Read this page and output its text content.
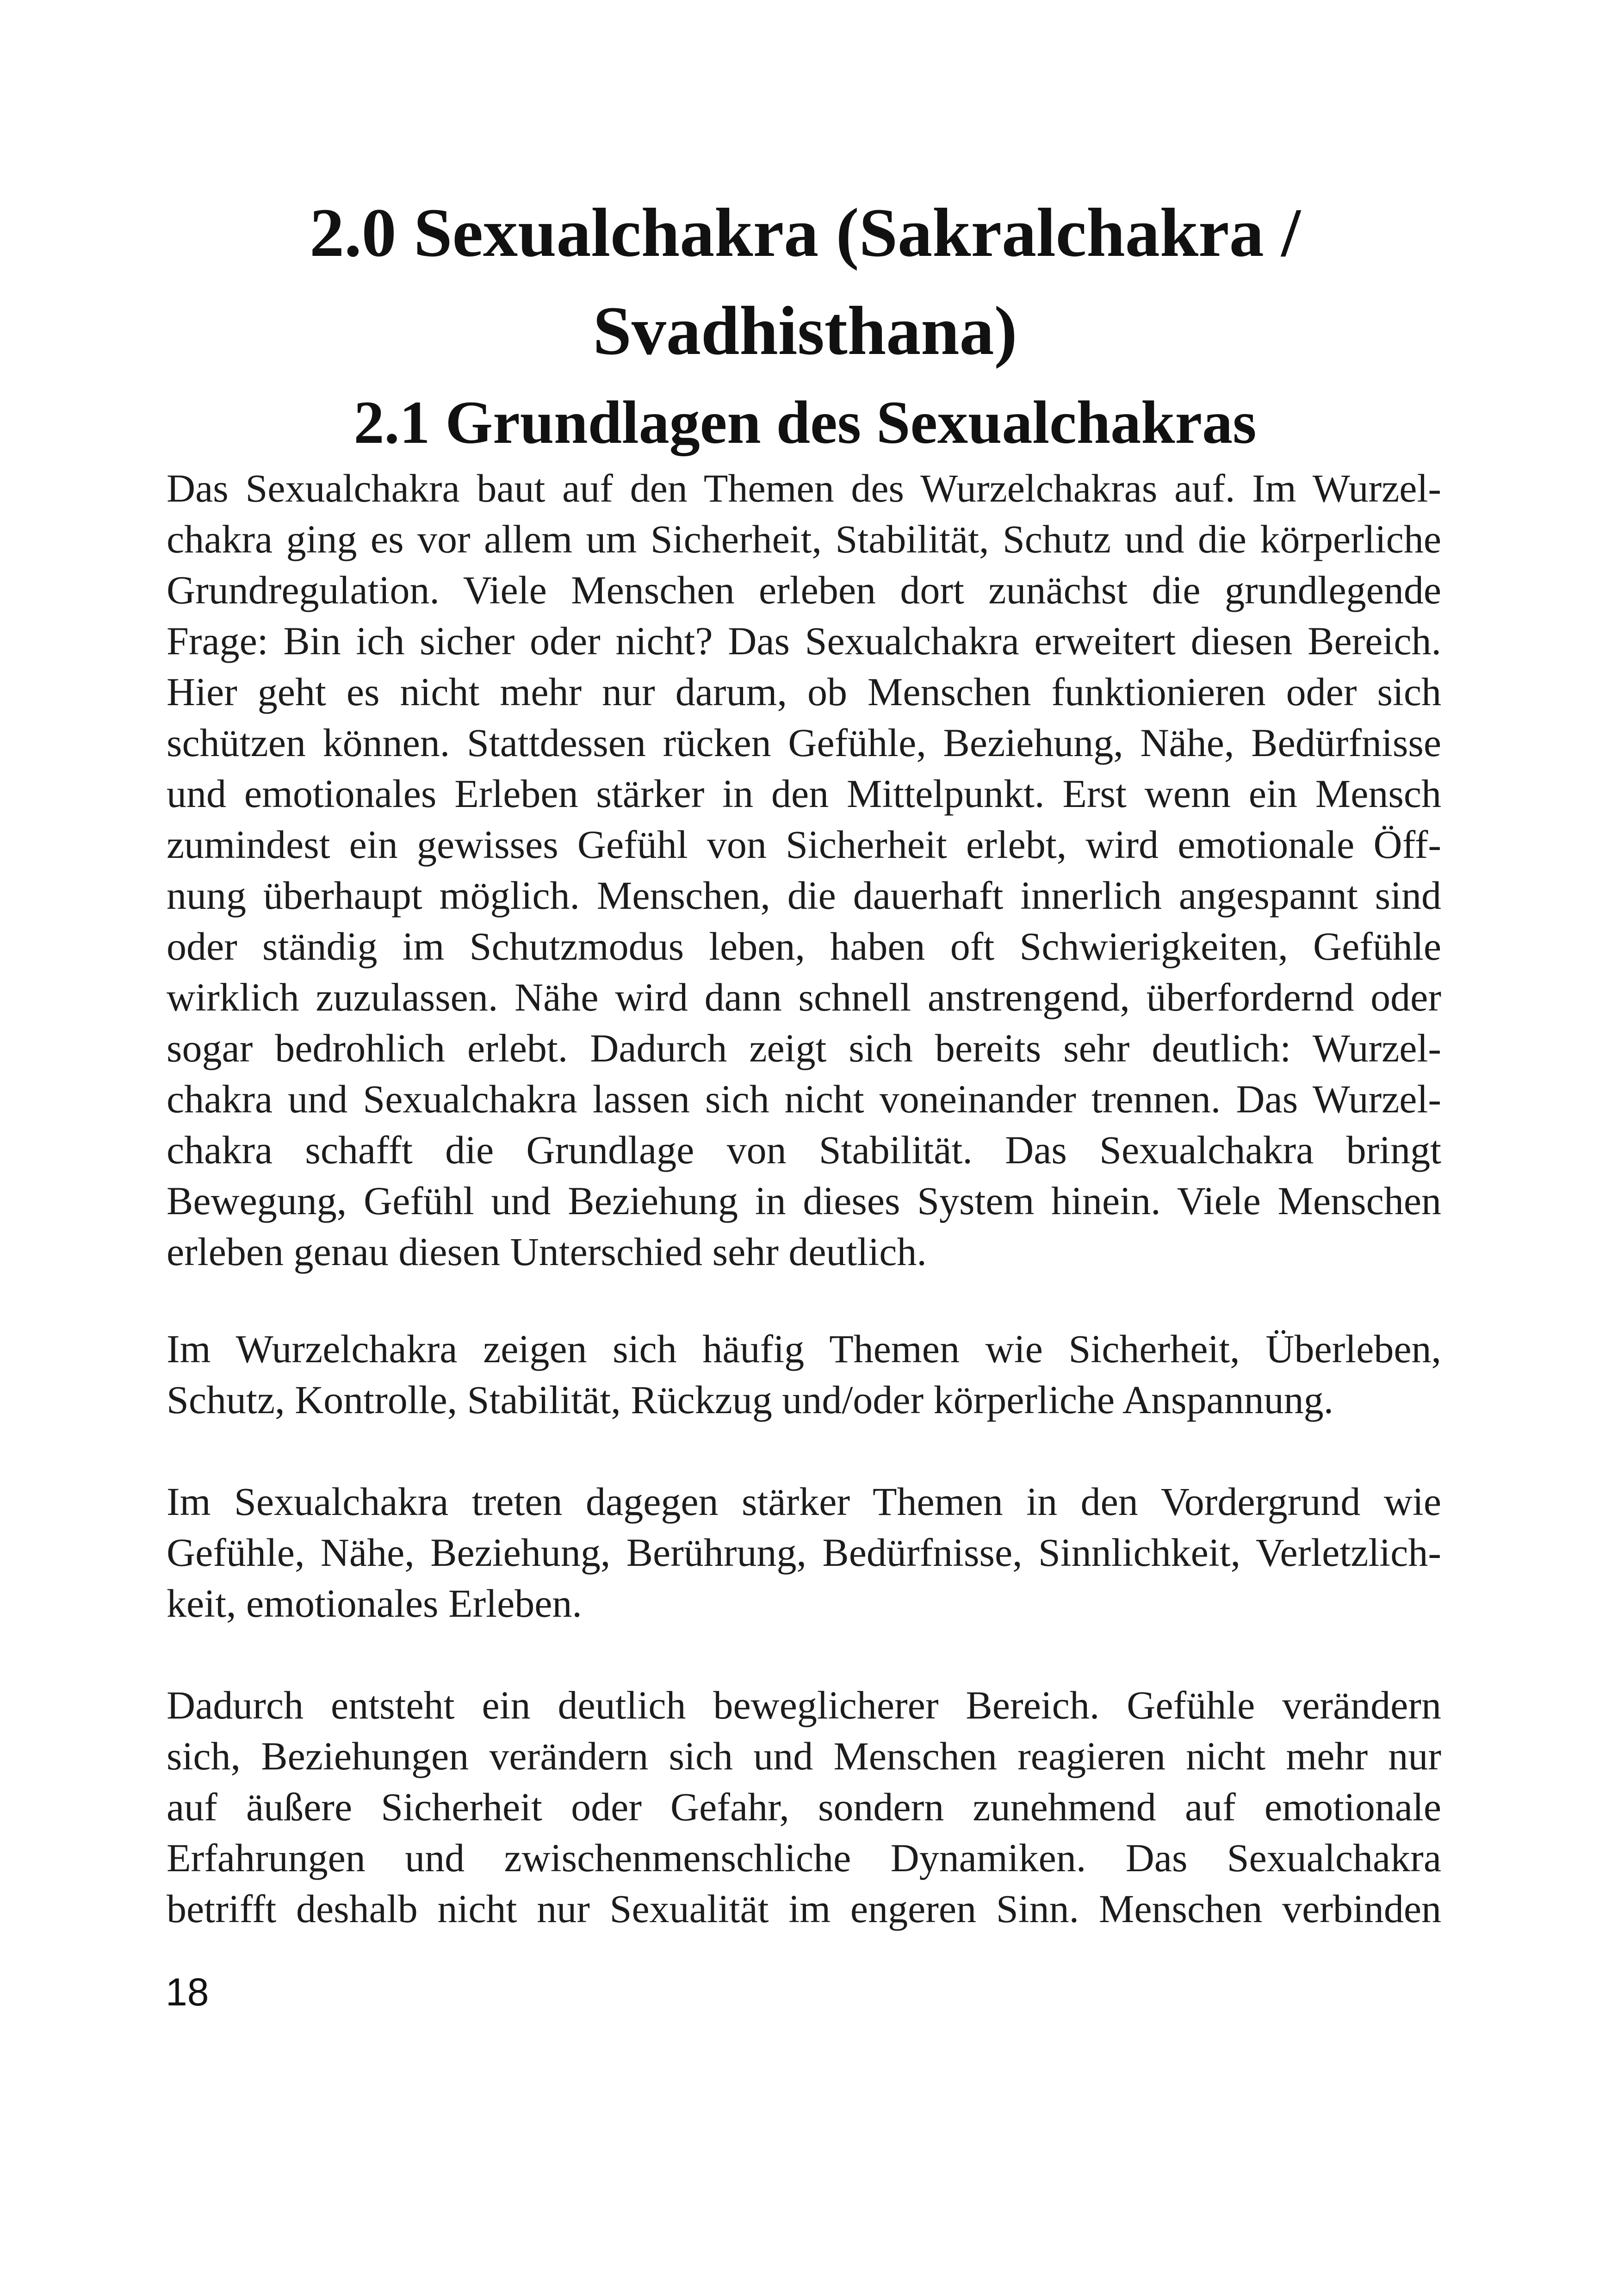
2.0 Sexualchakra (Sakralchakra /
Svadhisthana)
2.1 Grundlagen des Sexualchakras
Das Sexualchakra baut auf den Themen des Wurzelchakras auf. Im Wurzel-
chakra ging es vor allem um Sicherheit, Stabilität, Schutz und die körperliche
Grundregulation. Viele Menschen erleben dort zunächst die grundlegende
Frage: Bin ich sicher oder nicht? Das Sexualchakra erweitert diesen Bereich.
Hier geht es nicht mehr nur darum, ob Menschen funktionieren oder sich
schützen können. Stattdessen rücken Gefühle, Beziehung, Nähe, Bedürfnisse
und emotionales Erleben stärker in den Mittelpunkt. Erst wenn ein Mensch
zumindest ein gewisses Gefühl von Sicherheit erlebt, wird emotionale Öff-
nung überhaupt möglich. Menschen, die dauerhaft innerlich angespannt sind
oder ständig im Schutzmodus leben, haben oft Schwierigkeiten, Gefühle
wirklich zuzulassen. Nähe wird dann schnell anstrengend, überfordernd oder
sogar bedrohlich erlebt. Dadurch zeigt sich bereits sehr deutlich: Wurzel-
chakra und Sexualchakra lassen sich nicht voneinander trennen. Das Wurzel-
chakra schafft die Grundlage von Stabilität. Das Sexualchakra bringt
Bewegung, Gefühl und Beziehung in dieses System hinein. Viele Menschen
erleben genau diesen Unterschied sehr deutlich.
Im Wurzelchakra zeigen sich häufig Themen wie Sicherheit, Überleben,
Schutz, Kontrolle, Stabilität, Rückzug und/oder körperliche Anspannung.
Im Sexualchakra treten dagegen stärker Themen in den Vordergrund wie
Gefühle, Nähe, Beziehung, Berührung, Bedürfnisse, Sinnlichkeit, Verletzlich-
keit, emotionales Erleben.
Dadurch entsteht ein deutlich beweglicherer Bereich. Gefühle verändern
sich, Beziehungen verändern sich und Menschen reagieren nicht mehr nur
auf äußere Sicherheit oder Gefahr, sondern zunehmend auf emotionale
Erfahrungen und zwischenmenschliche Dynamiken. Das Sexualchakra
betrifft deshalb nicht nur Sexualität im engeren Sinn. Menschen verbinden
18
